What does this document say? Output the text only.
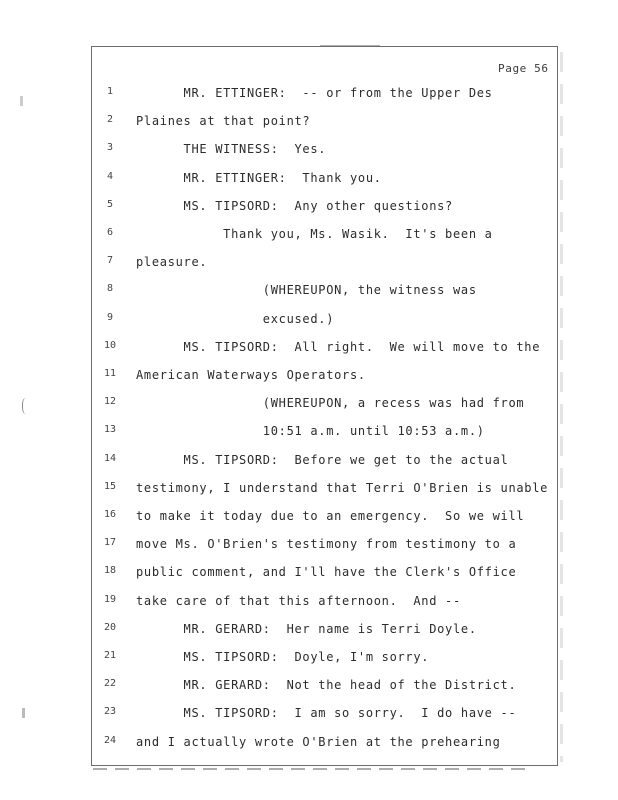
Page 56
1	MR. ETTINGER:  -- or from the Upper Des
2	Plaines at that point?
3	THE WITNESS:  Yes.
4	MR. ETTINGER:  Thank you.
5	MS. TIPSORD:  Any other questions?
6	Thank you, Ms. Wasik.  It's been a
7	pleasure.
8	(WHEREUPON, the witness was
9	excused.)
10	MS. TIPSORD:  All right.  We will move to the
11	American Waterways Operators.
12	(WHEREUPON, a recess was had from
13	10:51 a.m. until 10:53 a.m.)
14	MS. TIPSORD:  Before we get to the actual
15	testimony, I understand that Terri O'Brien is unable
16	to make it today due to an emergency.  So we will
17	move Ms. O'Brien's testimony from testimony to a
18	public comment, and I'll have the Clerk's Office
19	take care of that this afternoon.  And --
20	MR. GERARD:  Her name is Terri Doyle.
21	MS. TIPSORD:  Doyle, I'm sorry.
22	MR. GERARD:  Not the head of the District.
23	MS. TIPSORD:  I am so sorry.  I do have --
24	and I actually wrote O'Brien at the prehearing
